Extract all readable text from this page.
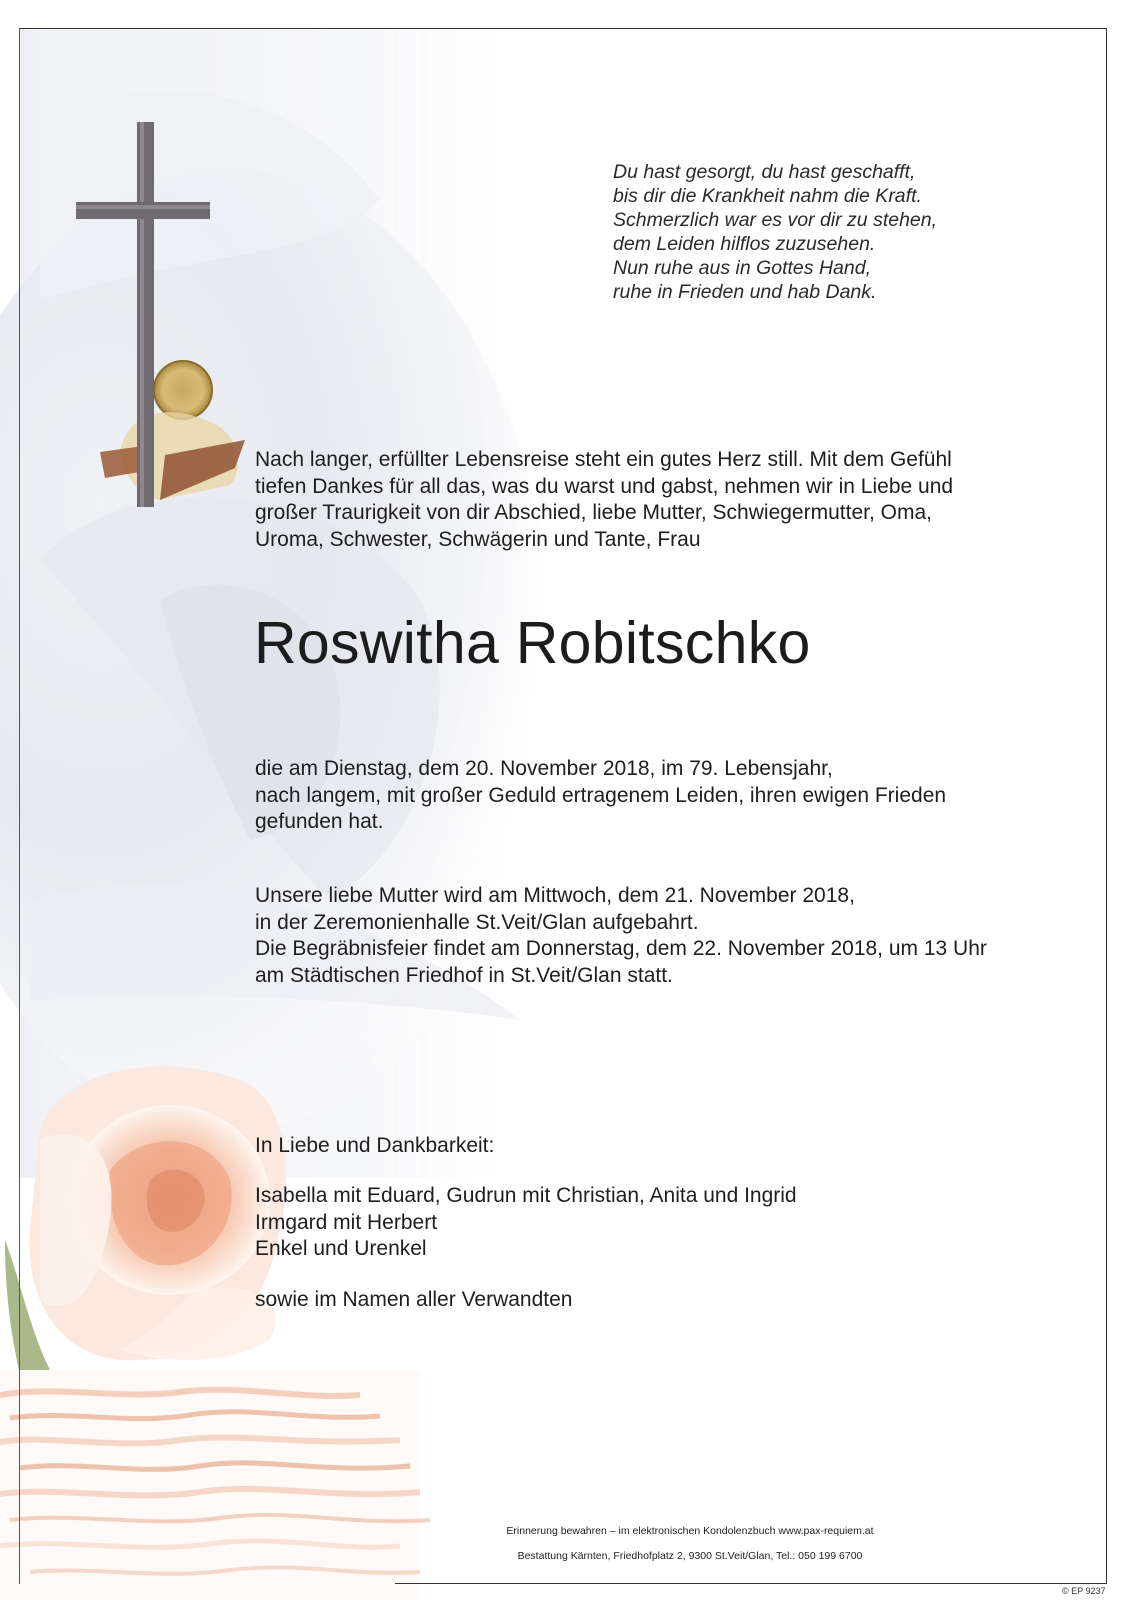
Du hast gesorgt, du hast geschafft,
bis dir die Krankheit nahm die Kraft.
Schmerzlich war es vor dir zu stehen,
dem Leiden hilflos zuzusehen.
Nun ruhe aus in Gottes Hand,
ruhe in Frieden und hab Dank.
Nach langer, erfüllter Lebensreise steht ein gutes Herz still. Mit dem Gefühl
tiefen Dankes für all das, was du warst und gabst, nehmen wir in Liebe und
großer Traurigkeit von dir Abschied, liebe Mutter, Schwiegermutter, Oma,
Uroma, Schwester, Schwägerin und Tante, Frau
Roswitha Robitschko
die am Dienstag, dem 20. November 2018, im 79. Lebensjahr,
nach langem, mit großer Geduld ertragenem Leiden, ihren ewigen Frieden
gefunden hat.
Unsere liebe Mutter wird am Mittwoch, dem 21. November 2018,
in der Zeremonienhalle St.Veit/Glan aufgebahrt.
Die Begräbnisfeier findet am Donnerstag, dem 22. November 2018, um 13 Uhr
am Städtischen Friedhof in St.Veit/Glan statt.
In Liebe und Dankbarkeit:
Isabella mit Eduard, Gudrun mit Christian, Anita und Ingrid
Irmgard mit Herbert
Enkel und Urenkel
sowie im Namen aller Verwandten
Erinnerung bewahren – im elektronischen Kondolenzbuch www.pax-requiem.at
Bestattung Kärnten, Friedhofplatz 2, 9300 St.Veit/Glan, Tel.: 050 199 6700
© EP 9237
